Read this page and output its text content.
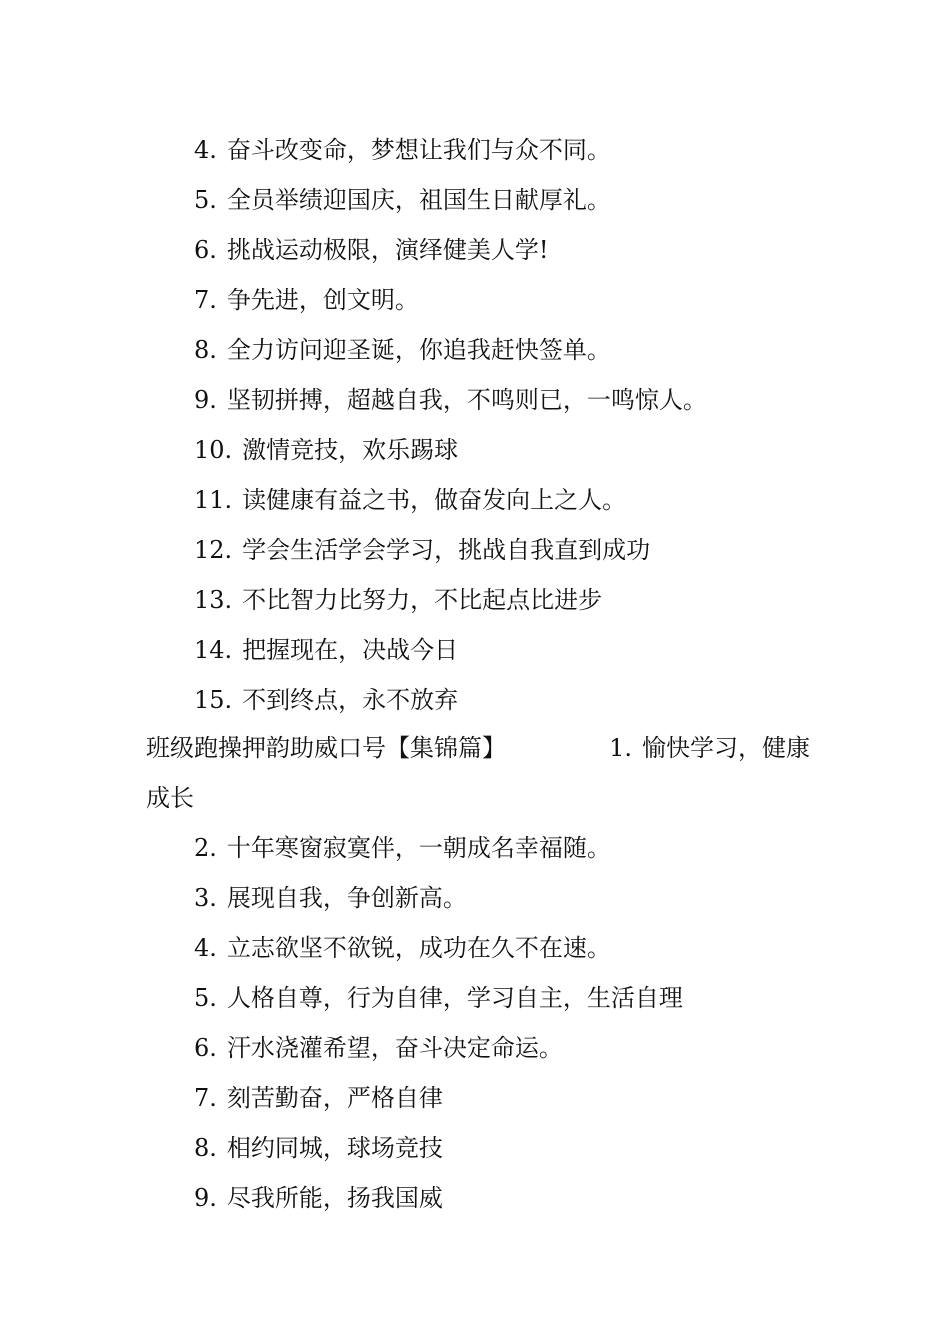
4. 奋斗改变命，梦想让我们与众不同。
5. 全员举绩迎国庆，祖国生日献厚礼。
6. 挑战运动极限，演绎健美人学!
7. 争先进，创文明。
8. 全力访问迎圣诞，你追我赶快签单。
9. 坚韧拼搏，超越自我，不鸣则已，一鸣惊人。
10. 激情竞技，欢乐踢球
11. 读健康有益之书，做奋发向上之人。
12. 学会生活学会学习，挑战自我直到成功
13. 不比智力比努力，不比起点比进步
14. 把握现在，决战今日
15. 不到终点，永不放弃
班级跑操押韵助威口号【集锦篇】	1. 愉快学习，健康
成长
2. 十年寒窗寂寞伴，一朝成名幸福随。
3. 展现自我，争创新高。
4. 立志欲坚不欲锐，成功在久不在速。
5. 人格自尊，行为自律，学习自主，生活自理
6. 汗水浇灌希望，奋斗决定命运。
7. 刻苦勤奋，严格自律
8. 相约同城，球场竞技
9. 尽我所能，扬我国威
